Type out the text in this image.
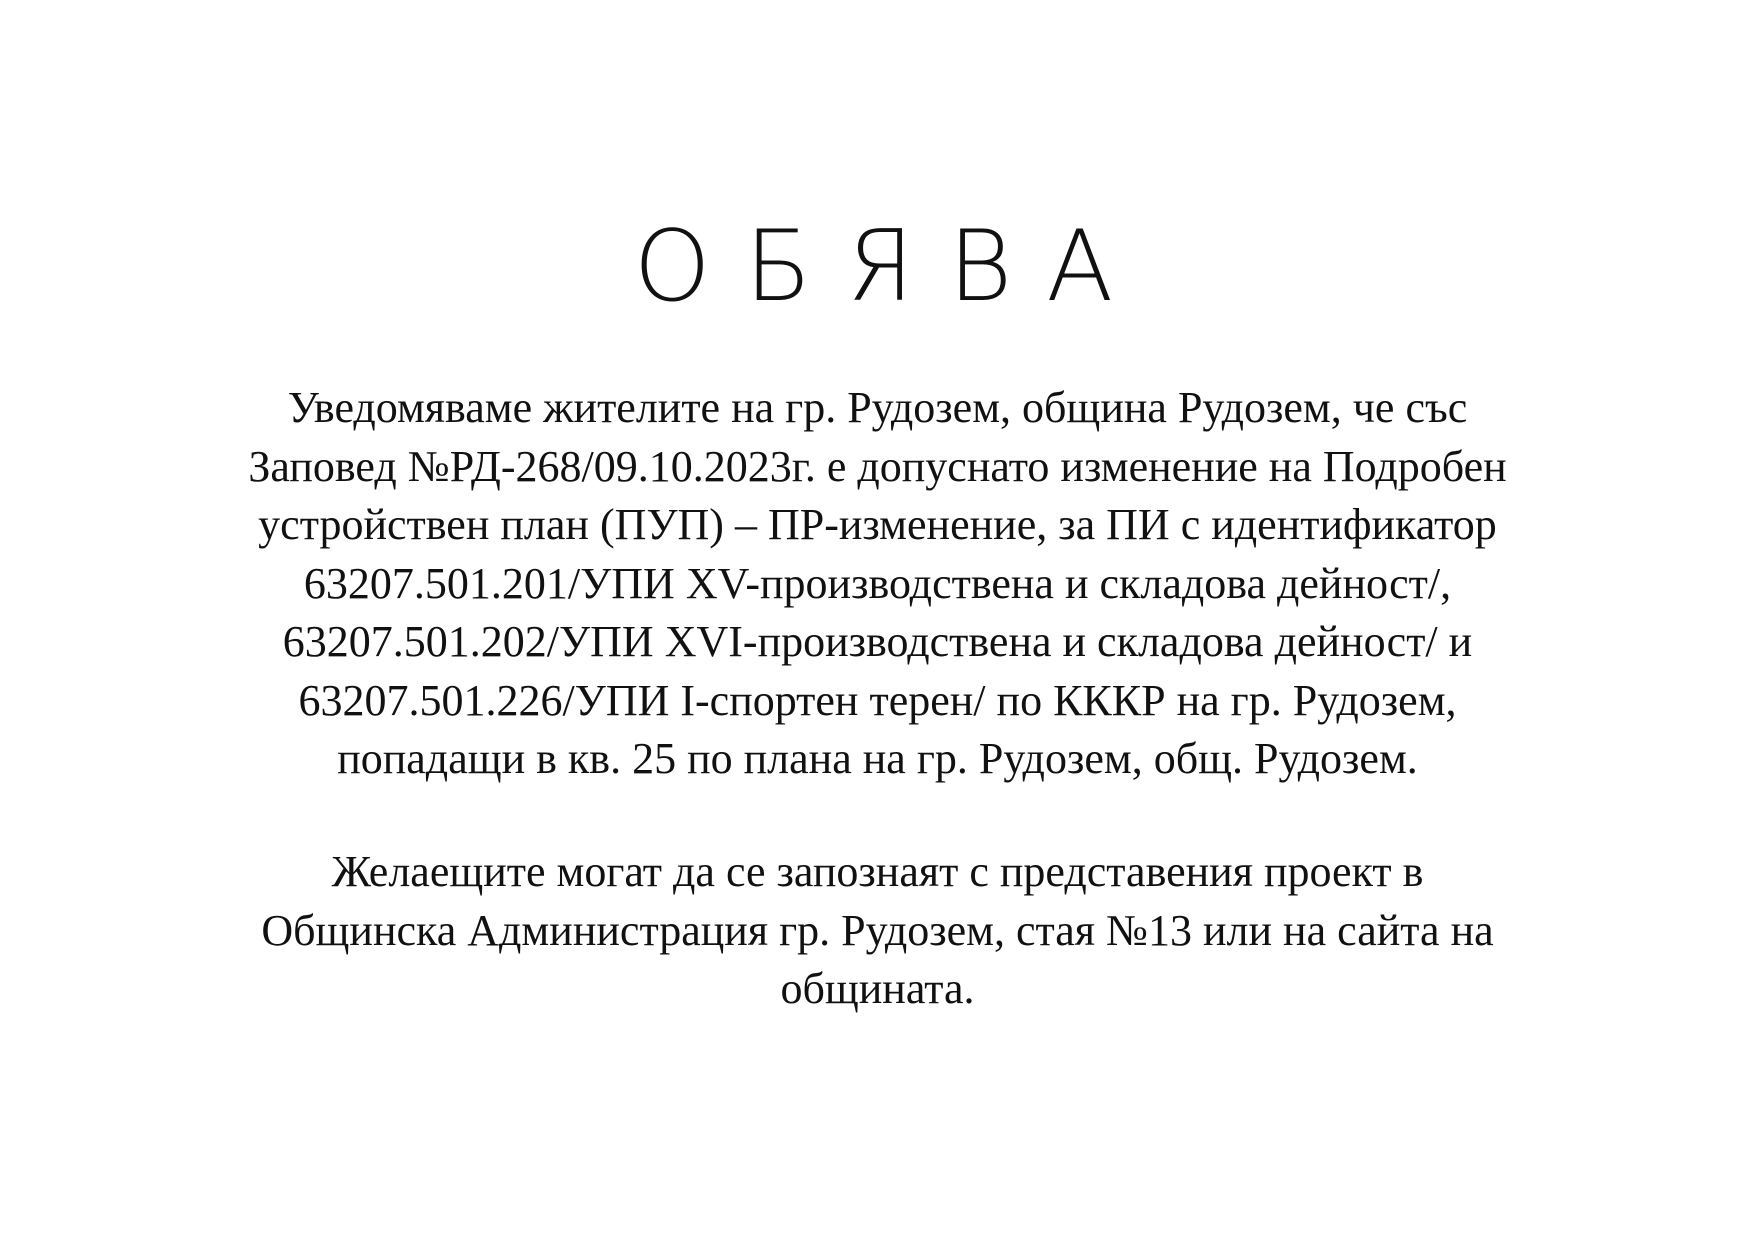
ОБЯВА
Уведомяваме жителите на гр. Рудозем, община Рудозем, че със
Заповед №РД-268/09.10.2023г. е допуснато изменение на Подробен
устройствен план (ПУП) – ПР-изменение, за ПИ с идентификатор
63207.501.201/УПИ XV-производствена и складова дейност/,
63207.501.202/УПИ XVI-производствена и складова дейност/ и
63207.501.226/УПИ I-спортен терен/ по КККР на гр. Рудозем,
попадащи в кв. 25 по плана на гр. Рудозем, общ. Рудозем.
Желаещите могат да се запознаят с представения проект в
Общинска Администрация гр. Рудозем, стая №13 или на сайта на
общината.
